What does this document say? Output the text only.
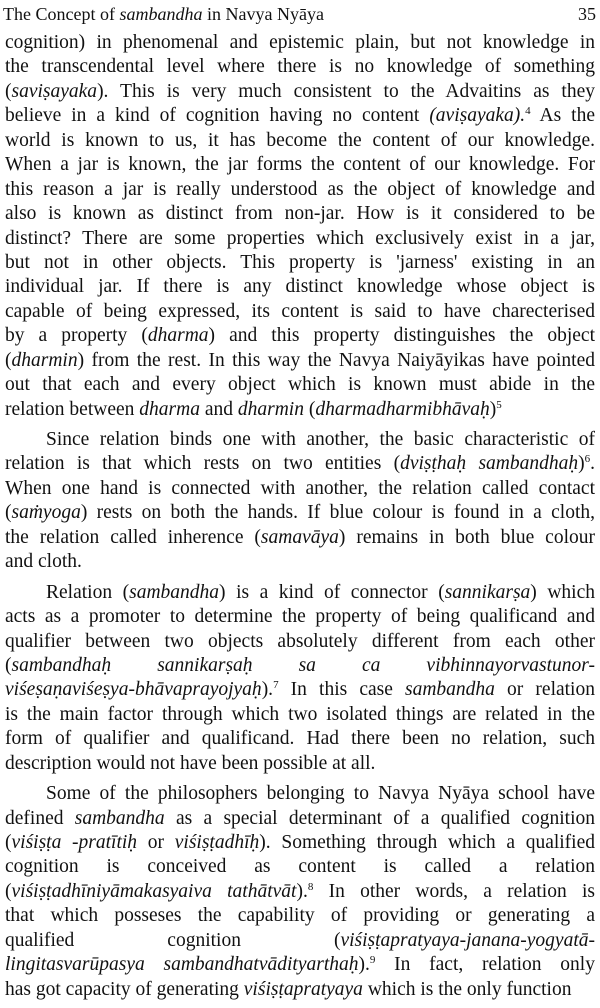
The Concept of sambandha in Navya Nyāya	35
cognition) in phenomenal and epistemic plain, but not knowledge in
the transcendental level where there is no knowledge of something
(saviṣayaka). This is very much consistent to the Advaitins as they
believe in a kind of cognition having no content (aviṣayaka).$^4$ As the
world is known to us, it has become the content of our knowledge.
When a jar is known, the jar forms the content of our knowledge. For
this reason a jar is really understood as the object of knowledge and
also is known as distinct from non-jar. How is it considered to be
distinct? There are some properties which exclusively exist in a jar,
but not in other objects. This property is 'jarness' existing in an
individual jar. If there is any distinct knowledge whose object is
capable of being expressed, its content is said to have charecterised
by a property (dharma) and this property distinguishes the object
(dharmin) from the rest. In this way the Navya Naiyāyikas have pointed
out that each and every object which is known must abide in the
relation between dharma and dharmin (dharmadharmibhāvaḥ)$^5$
Since relation binds one with another, the basic characteristic of
relation is that which rests on two entities (dviṣṭhaḥ sambandhaḥ)$^6$.
When one hand is connected with another, the relation called contact
(saṁyoga) rests on both the hands. If blue colour is found in a cloth,
the relation called inherence (samavāya) remains in both blue colour
and cloth.
Relation (sambandha) is a kind of connector (sannikarṣa) which
acts as a promoter to determine the property of being qualificand and
qualifier between two objects absolutely different from each other
(sambandhaḥ sannikarṣaḥ sa ca vibhinnayorvastunor-
viśeṣaṇaviśeṣya-bhāvaprayojyaḥ).$^7$ In this case sambandha or relation
is the main factor through which two isolated things are related in the
form of qualifier and qualificand. Had there been no relation, such
description would not have been possible at all.
Some of the philosophers belonging to Navya Nyāya school have
defined sambandha as a special determinant of a qualified cognition
(viśiṣṭa -pratītiḥ or viśiṣṭadhīḥ). Something through which a qualified
cognition is conceived as content is called a relation
(viśiṣṭadhīniyāmakasyaiva tathātvāt).$^8$ In other words, a relation is
that which posseses the capability of providing or generating a
qualified cognition (viśiṣṭapratyaya-janana-yogyatā-
lingitasvarūpasya sambandhatvādityarthaḥ).$^9$ In fact, relation only
has got capacity of generating viśiṣṭapratyaya which is the only function
